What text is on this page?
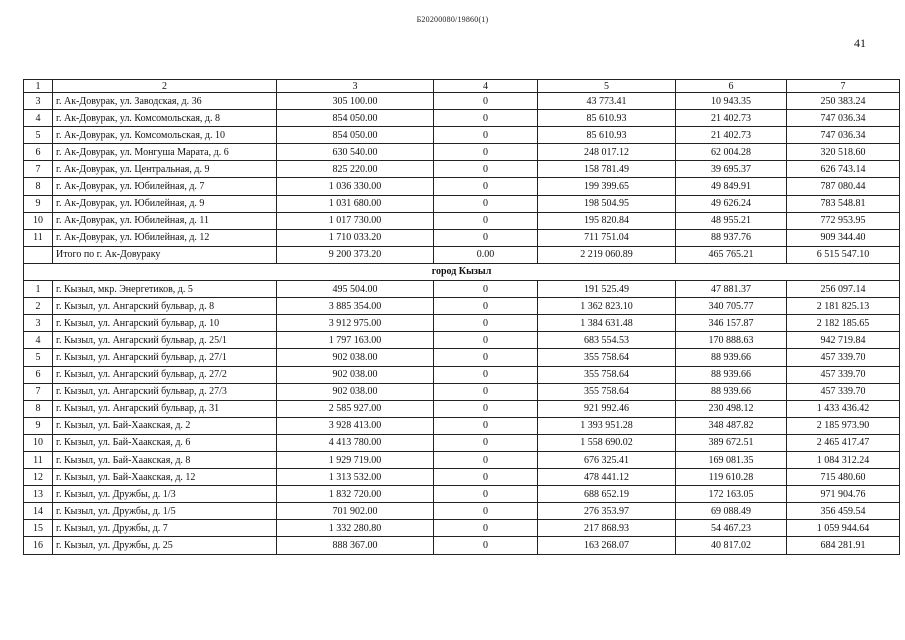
Б20200080/19860(1)
41
1	2	3	4	5	6	7
3	г. Ак-Довурак, ул. Заводская, д. 36	305 100.00	0	43 773.41	10 943.35	250 383.24
4	г. Ак-Довурак, ул. Комсомольская, д. 8	854 050.00	0	85 610.93	21 402.73	747 036.34
5	г. Ак-Довурак, ул. Комсомольская, д. 10	854 050.00	0	85 610.93	21 402.73	747 036.34
6	г. Ак-Довурак, ул. Монгуша Марата, д. 6	630 540.00	0	248 017.12	62 004.28	320 518.60
7	г. Ак-Довурак, ул. Центральная, д. 9	825 220.00	0	158 781.49	39 695.37	626 743.14
8	г. Ак-Довурак, ул. Юбилейная, д. 7	1 036 330.00	0	199 399.65	49 849.91	787 080.44
9	г. Ак-Довурак, ул. Юбилейная, д. 9	1 031 680.00	0	198 504.95	49 626.24	783 548.81
10	г. Ак-Довурак, ул. Юбилейная, д. 11	1 017 730.00	0	195 820.84	48 955.21	772 953.95
11	г. Ак-Довурак, ул. Юбилейная, д. 12	1 710 033.20	0	711 751.04	88 937.76	909 344.40
	Итого по г. Ак-Довураку	9 200 373.20	0.00	2 219 060.89	465 765.21	6 515 547.10
город Кызыл						
1	г. Кызыл, мкр. Энергетиков, д. 5	495 504.00	0	191 525.49	47 881.37	256 097.14
2	г. Кызыл, ул. Ангарский бульвар, д. 8	3 885 354.00	0	1 362 823.10	340 705.77	2 181 825.13
3	г. Кызыл, ул. Ангарский бульвар, д. 10	3 912 975.00	0	1 384 631.48	346 157.87	2 182 185.65
4	г. Кызыл, ул. Ангарский бульвар, д. 25/1	1 797 163.00	0	683 554.53	170 888.63	942 719.84
5	г. Кызыл, ул. Ангарский бульвар, д. 27/1	902 038.00	0	355 758.64	88 939.66	457 339.70
6	г. Кызыл, ул. Ангарский бульвар, д. 27/2	902 038.00	0	355 758.64	88 939.66	457 339.70
7	г. Кызыл, ул. Ангарский бульвар, д. 27/3	902 038.00	0	355 758.64	88 939.66	457 339.70
8	г. Кызыл, ул. Ангарский бульвар, д. 31	2 585 927.00	0	921 992.46	230 498.12	1 433 436.42
9	г. Кызыл, ул. Бай-Хаакская, д. 2	3 928 413.00	0	1 393 951.28	348 487.82	2 185 973.90
10	г. Кызыл, ул. Бай-Хаакская, д. 6	4 413 780.00	0	1 558 690.02	389 672.51	2 465 417.47
11	г. Кызыл, ул. Бай-Хаакская, д. 8	1 929 719.00	0	676 325.41	169 081.35	1 084 312.24
12	г. Кызыл, ул. Бай-Хаакская, д. 12	1 313 532.00	0	478 441.12	119 610.28	715 480.60
13	г. Кызыл, ул. Дружбы, д. 1/3	1 832 720.00	0	688 652.19	172 163.05	971 904.76
14	г. Кызыл, ул. Дружбы, д. 1/5	701 902.00	0	276 353.97	69 088.49	356 459.54
15	г. Кызыл, ул. Дружбы, д. 7	1 332 280.80	0	217 868.93	54 467.23	1 059 944.64
16	г. Кызыл, ул. Дружбы, д. 25	888 367.00	0	163 268.07	40 817.02	684 281.91
